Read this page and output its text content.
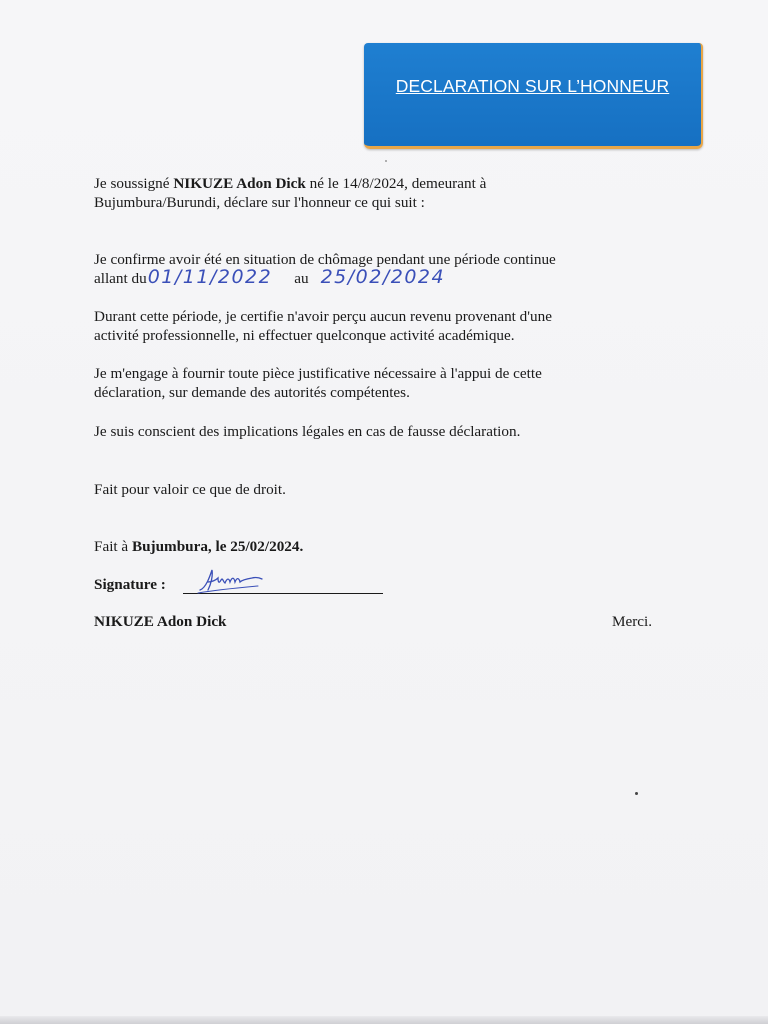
DECLARATION SUR L’HONNEUR
Je soussigné NIKUZE Adon Dick né le 14/8/2024, demeurant à
Bujumbura/Burundi, déclare sur l'honneur ce qui suit :
Je confirme avoir été en situation de chômage pendant une période continue
allant du01/11/2022 au 25/02/2024
Durant cette période, je certifie n'avoir perçu aucun revenu provenant d'une
activité professionnelle, ni effectuer quelconque activité académique.
Je m'engage à fournir toute pièce justificative nécessaire à l'appui de cette
déclaration, sur demande des autorités compétentes.
Je suis conscient des implications légales en cas de fausse déclaration.
Fait pour valoir ce que de droit.
Fait à Bujumbura, le 25/02/2024.
Signature :
NIKUZE Adon Dick	Merci.
